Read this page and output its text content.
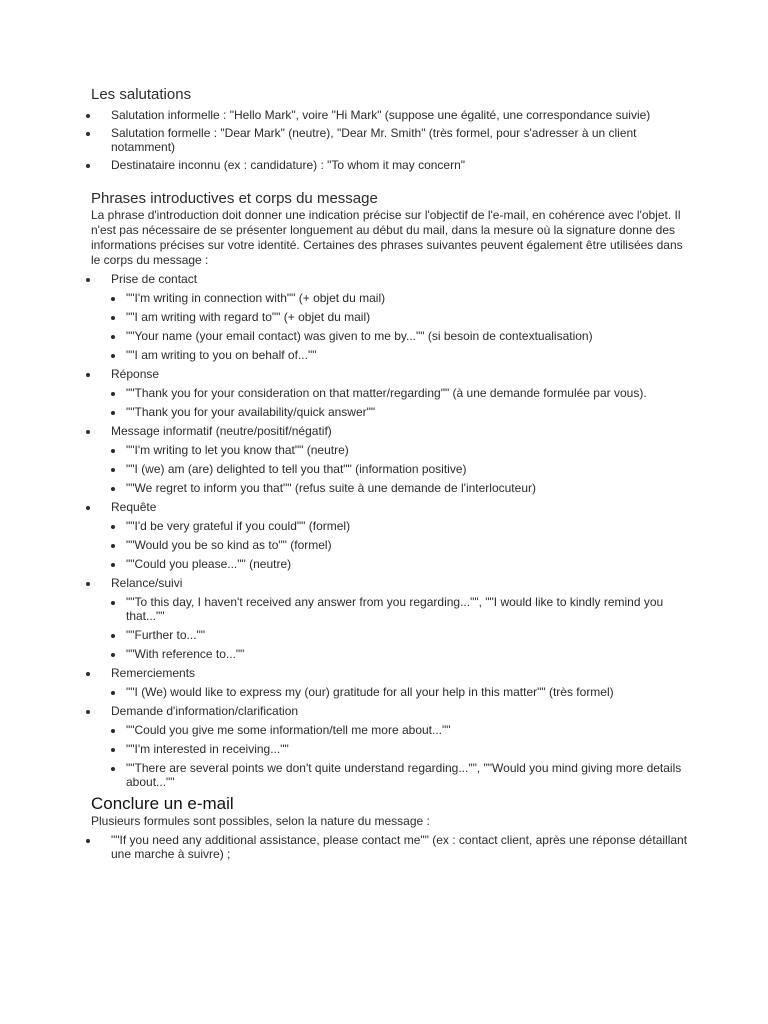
Les salutations
Salutation informelle : "Hello Mark", voire "Hi Mark" (suppose une égalité, une correspondance suivie)
Salutation formelle : "Dear Mark" (neutre), "Dear Mr. Smith" (très formel, pour s'adresser à un client notamment)
Destinataire inconnu (ex : candidature) : "To whom it may concern"
Phrases introductives et corps du message

La phrase d'introduction doit donner une indication précise sur l'objectif de l'e-mail, en cohérence avec l'objet. Il n'est pas nécessaire de se présenter longuement au début du mail, dans la mesure où la signature donne des informations précises sur votre identité. Certaines des phrases suivantes peuvent également être utilisées dans le corps du message :

Prise de contact
""I'm writing in connection with"" (+ objet du mail)
""I am writing with regard to"" (+ objet du mail)
""Your name (your email contact) was given to me by..."" (si besoin de contextualisation)
""I am writing to you on behalf of...""
Réponse
""Thank you for your consideration on that matter/regarding"" (à une demande formulée par vous).
""Thank you for your availability/quick answer""
Message informatif (neutre/positif/négatif)
""I'm writing to let you know that"" (neutre)
""I (we) am (are) delighted to tell you that"" (information positive)
""We regret to inform you that"" (refus suite à une demande de l'interlocuteur)
Requête
""I'd be very grateful if you could"" (formel)
""Would you be so kind as to"" (formel)
""Could you please..."" (neutre)
Relance/suivi
""To this day, I haven't received any answer from you regarding..."", ""I would like to kindly remind you that...""
""Further to...""
""With reference to...""
Remerciements
""I (We) would like to express my (our) gratitude for all your help in this matter"" (très formel)
Demande d'information/clarification
""Could you give me some information/tell me more about...""
""I'm interested in receiving...""
""There are several points we don't quite understand regarding..."", ""Would you mind giving more details about...""
Conclure un e-mail

Plusieurs formules sont possibles, selon la nature du message :

""If you need any additional assistance, please contact me"" (ex : contact client, après une réponse détaillant une marche à suivre) ;
